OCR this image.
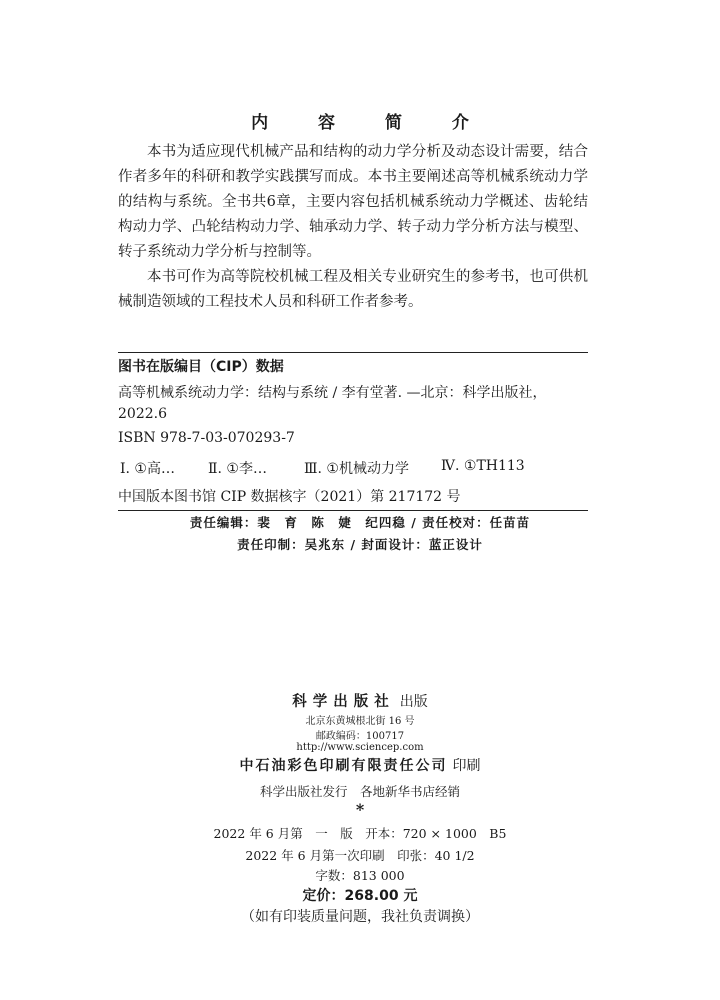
内 容 简 介

本书为适应现代机械产品和结构的动力学分析及动态设计需要，结合作者多年的科研和教学实践撰写而成。本书主要阐述高等机械系统动力学的结构与系统。全书共6章，主要内容包括机械系统动力学概述、齿轮结构动力学、凸轮结构动力学、轴承动力学、转子动力学分析方法与模型、转子系统动力学分析与控制等。

本书可作为高等院校机械工程及相关专业研究生的参考书，也可供机械制造领域的工程技术人员和科研工作者参考。

图书在版编目（CIP）数据
高等机械系统动力学：结构与系统 / 李有堂著. —北京：科学出版社，
2022.6
ISBN 978-7-03-070293-7
Ⅰ. ①高…	Ⅱ. ①李…	Ⅲ. ①机械动力学	Ⅳ. ①TH113
中国版本图书馆 CIP 数据核字（2021）第 217172 号
责任编辑：裴　育　陈　婕　纪四稳 / 责任校对：任苗苗
责任印制：吴兆东 / 封面设计：蓝正设计
科学出版社 出版
北京东黄城根北街 16 号
邮政编码：100717
http://www.sciencep.com
中石油彩色印刷有限责任公司 印刷
科学出版社发行　各地新华书店经销
*
2022 年 6 月第　一　版　开本：720 × 1000　B5
2022 年 6 月第一次印刷　印张：40 1/2
字数：813 000
定价：268.00 元
（如有印装质量问题，我社负责调换）
